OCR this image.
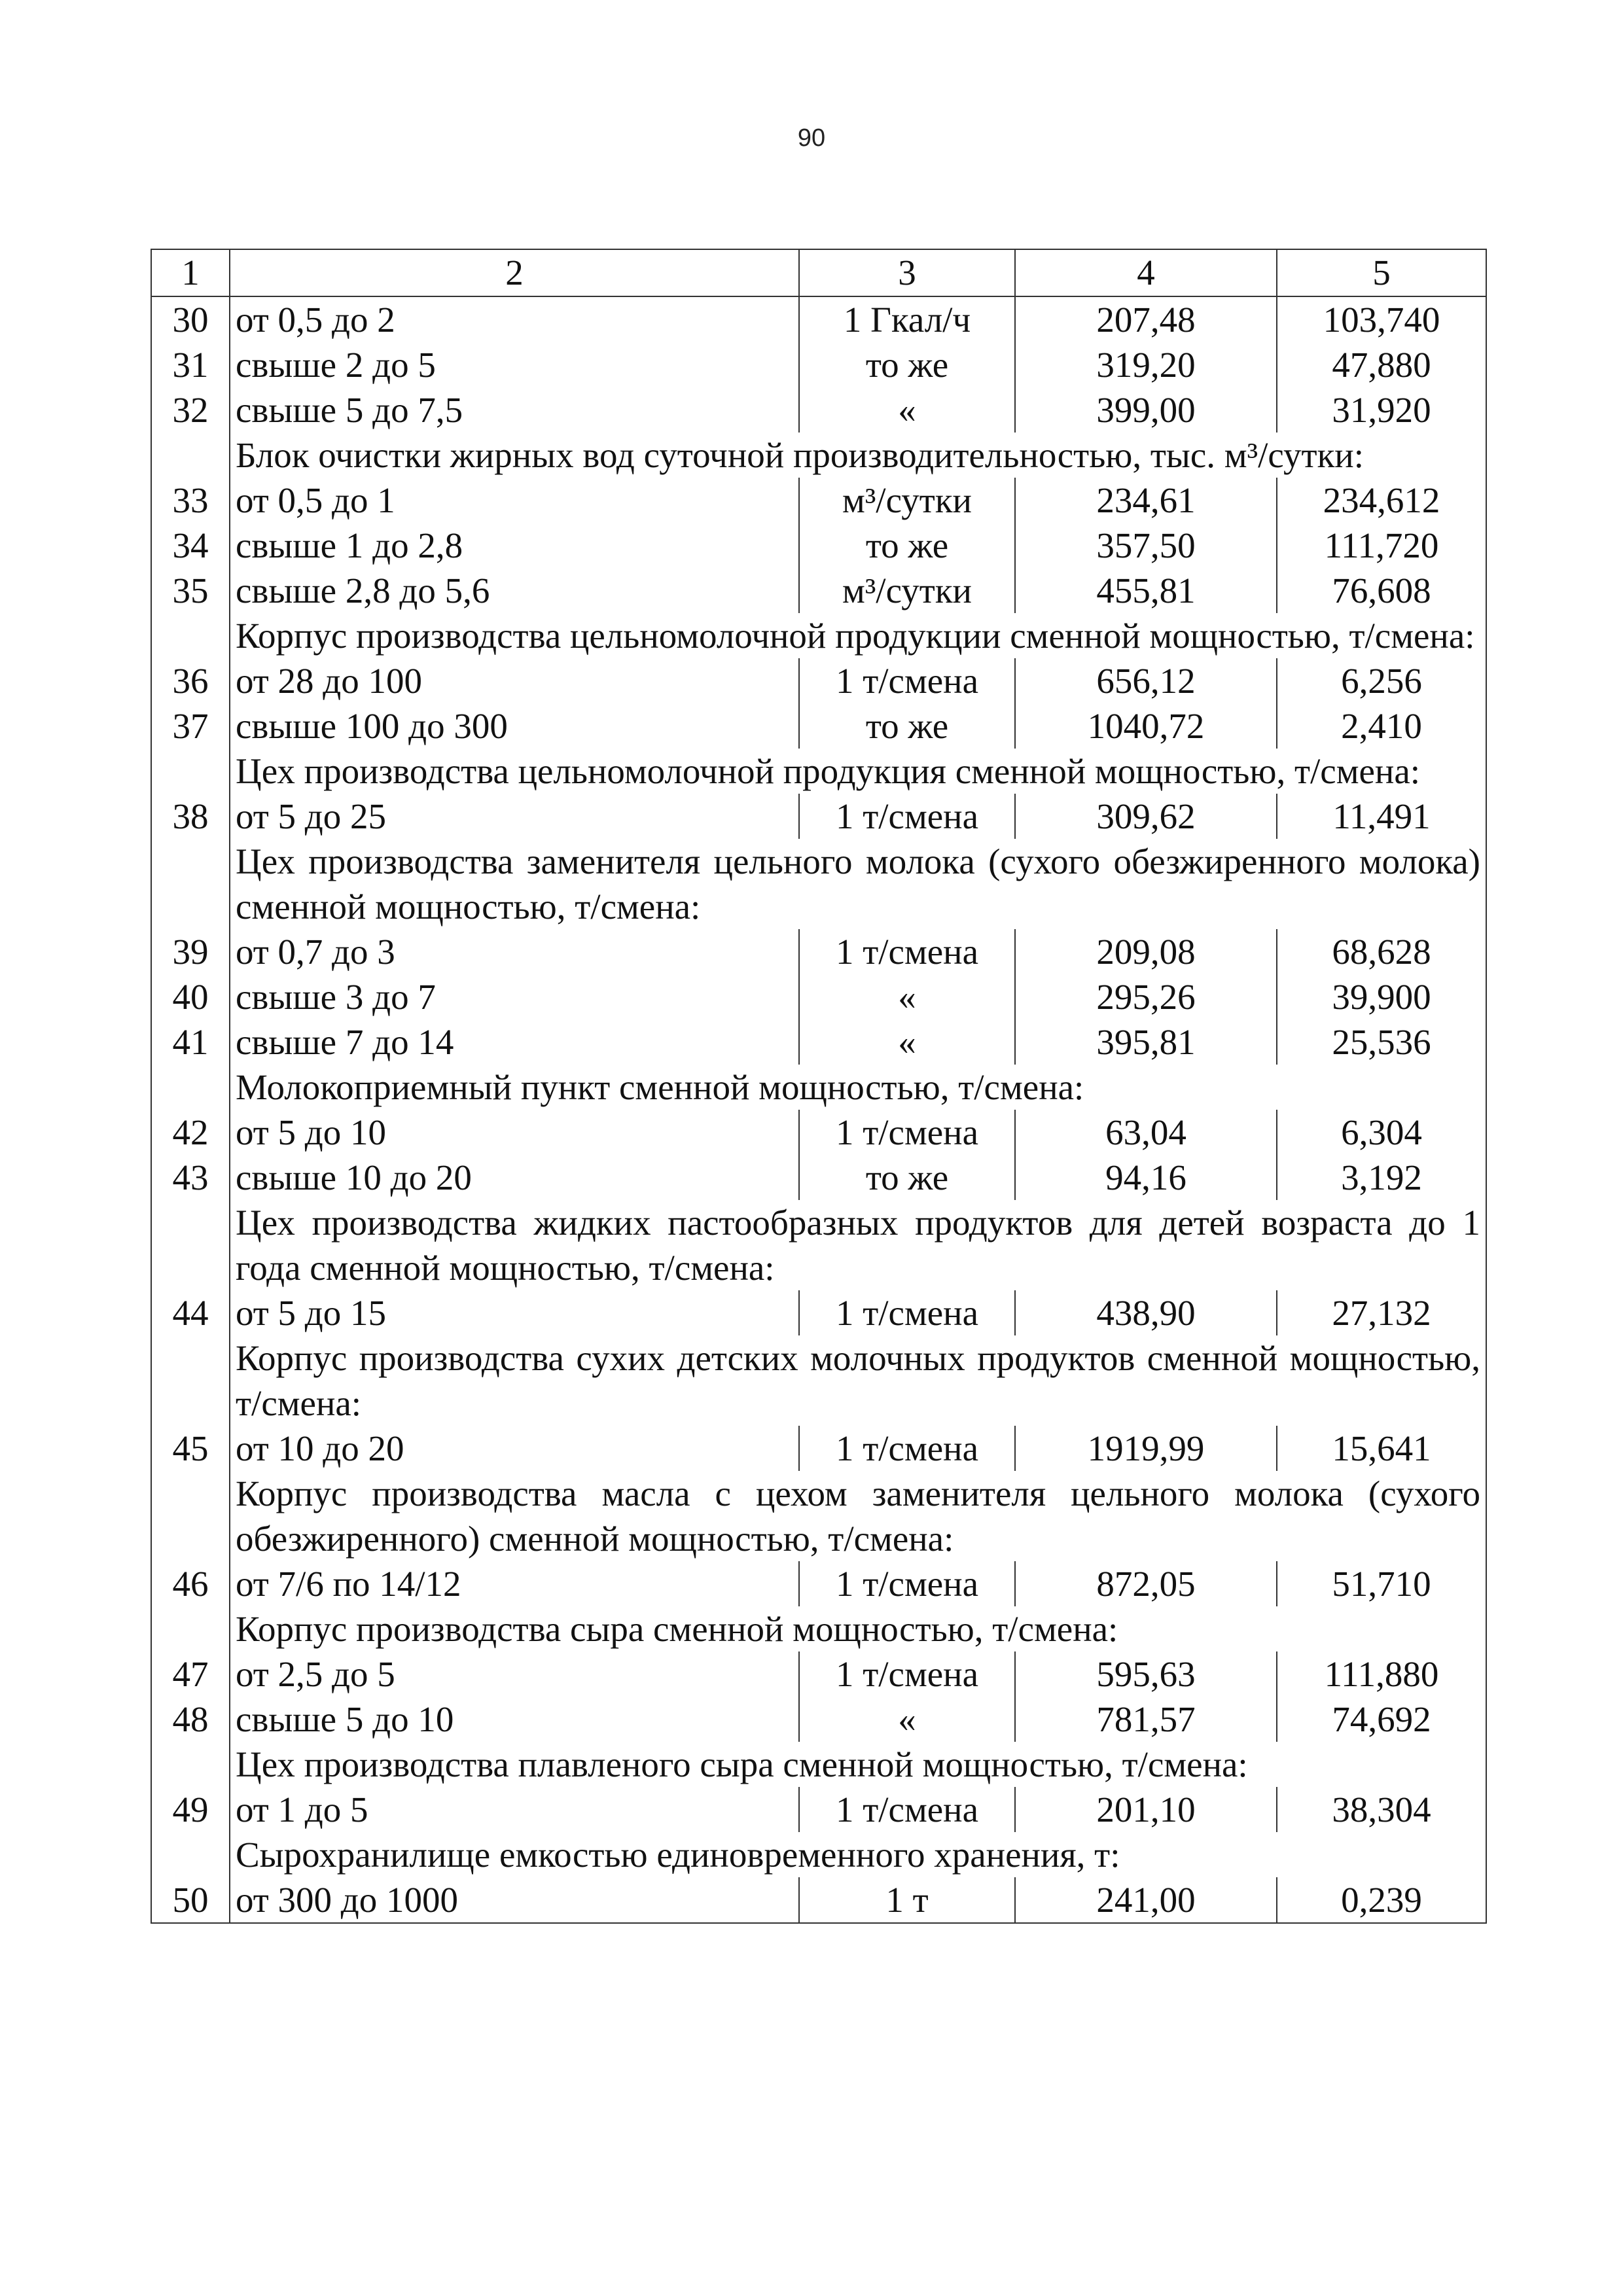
90
1	2	3	4	5
30	от 0,5 до 2	1 Гкал/ч	207,48	103,740
31	свыше 2 до 5	то же	319,20	47,880
32	свыше 5 до 7,5	«	399,00	31,920
	Блок очистки жирных вод суточной производительностью, тыс. м³/сутки:			
33	от 0,5 до 1	м³/сутки	234,61	234,612
34	свыше 1 до 2,8	то же	357,50	111,720
35	свыше 2,8 до 5,6	м³/сутки	455,81	76,608
	Корпус производства цельномолочной продукции сменной мощностью, т/смена:			
36	от 28 до 100	1 т/смена	656,12	6,256
37	свыше 100 до 300	то же	1040,72	2,410
	Цех производства цельномолочной продукция сменной мощностью, т/смена:			
38	от 5 до 25	1 т/смена	309,62	11,491
	Цех производства заменителя цельного молока (сухого обезжиренного молока) сменной мощностью, т/смена:			
39	от 0,7 до 3	1 т/смена	209,08	68,628
40	свыше 3 до 7	«	295,26	39,900
41	свыше 7 до 14	«	395,81	25,536
	Молокоприемный пункт сменной мощностью, т/смена:			
42	от 5 до 10	1 т/смена	63,04	6,304
43	свыше 10 до 20	то же	94,16	3,192
	Цех производства жидких пастообразных продуктов для детей возраста до 1 года сменной мощностью, т/смена:			
44	от 5 до 15	1 т/смена	438,90	27,132
	Корпус производства сухих детских молочных продуктов сменной мощностью, т/смена:			
45	от 10 до 20	1 т/смена	1919,99	15,641
	Корпус производства масла с цехом заменителя цельного молока (сухого обезжиренного) сменной мощностью, т/смена:			
46	от 7/6 по 14/12	1 т/смена	872,05	51,710
	Корпус производства сыра сменной мощностью, т/смена:			
47	от 2,5 до 5	1 т/смена	595,63	111,880
48	свыше 5 до 10	«	781,57	74,692
	Цех производства плавленого сыра сменной мощностью, т/смена:			
49	от 1 до 5	1 т/смена	201,10	38,304
	Сырохранилище емкостью единовременного хранения, т:			
50	от 300 до 1000	1 т	241,00	0,239
